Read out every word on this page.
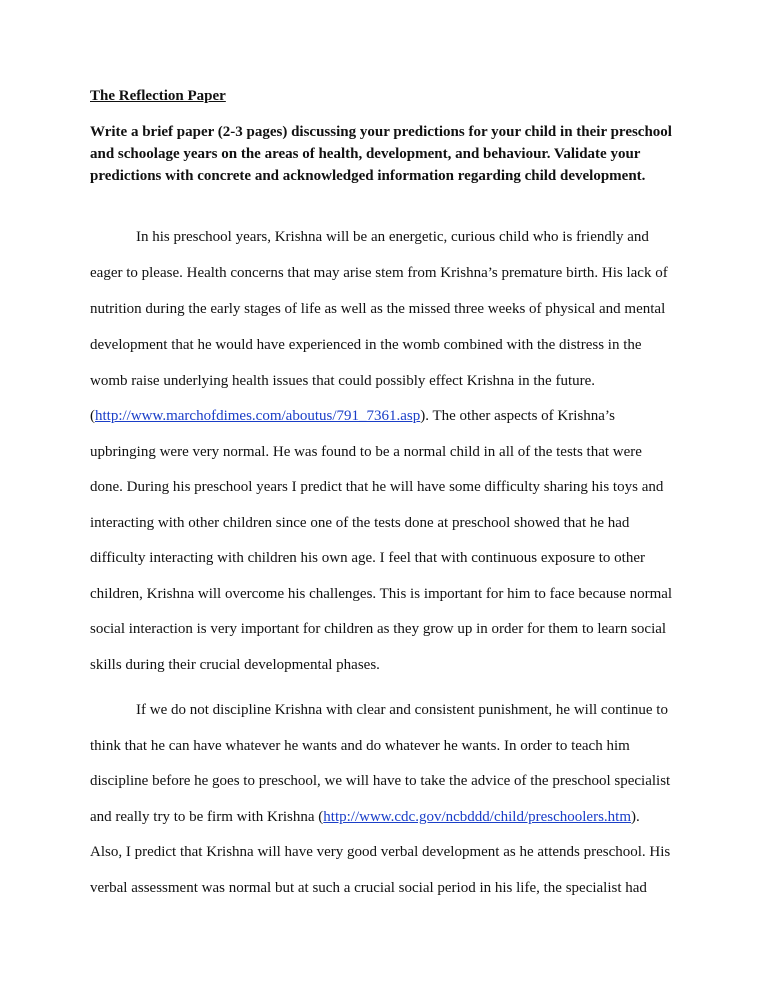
The Reflection Paper
Write a brief paper (2-3 pages) discussing your predictions for your child in their preschool
and schoolage years on the areas of health, development, and behaviour. Validate your
predictions with concrete and acknowledged information regarding child development.
In his preschool years, Krishna will be an energetic, curious child who is friendly and
eager to please. Health concerns that may arise stem from Krishna’s premature birth. His lack of
nutrition during the early stages of life as well as the missed three weeks of physical and mental
development that he would have experienced in the womb combined with the distress in the
womb raise underlying health issues that could possibly effect Krishna in the future.
(http://www.marchofdimes.com/aboutus/791_7361.asp). The other aspects of Krishna’s
upbringing were very normal. He was found to be a normal child in all of the tests that were
done. During his preschool years I predict that he will have some difficulty sharing his toys and
interacting with other children since one of the tests done at preschool showed that he had
difficulty interacting with children his own age. I feel that with continuous exposure to other
children, Krishna will overcome his challenges. This is important for him to face because normal
social interaction is very important for children as they grow up in order for them to learn social
skills during their crucial developmental phases.
If we do not discipline Krishna with clear and consistent punishment, he will continue to
think that he can have whatever he wants and do whatever he wants. In order to teach him
discipline before he goes to preschool, we will have to take the advice of the preschool specialist
and really try to be firm with Krishna (http://www.cdc.gov/ncbddd/child/preschoolers.htm).
Also, I predict that Krishna will have very good verbal development as he attends preschool. His
verbal assessment was normal but at such a crucial social period in his life, the specialist had
